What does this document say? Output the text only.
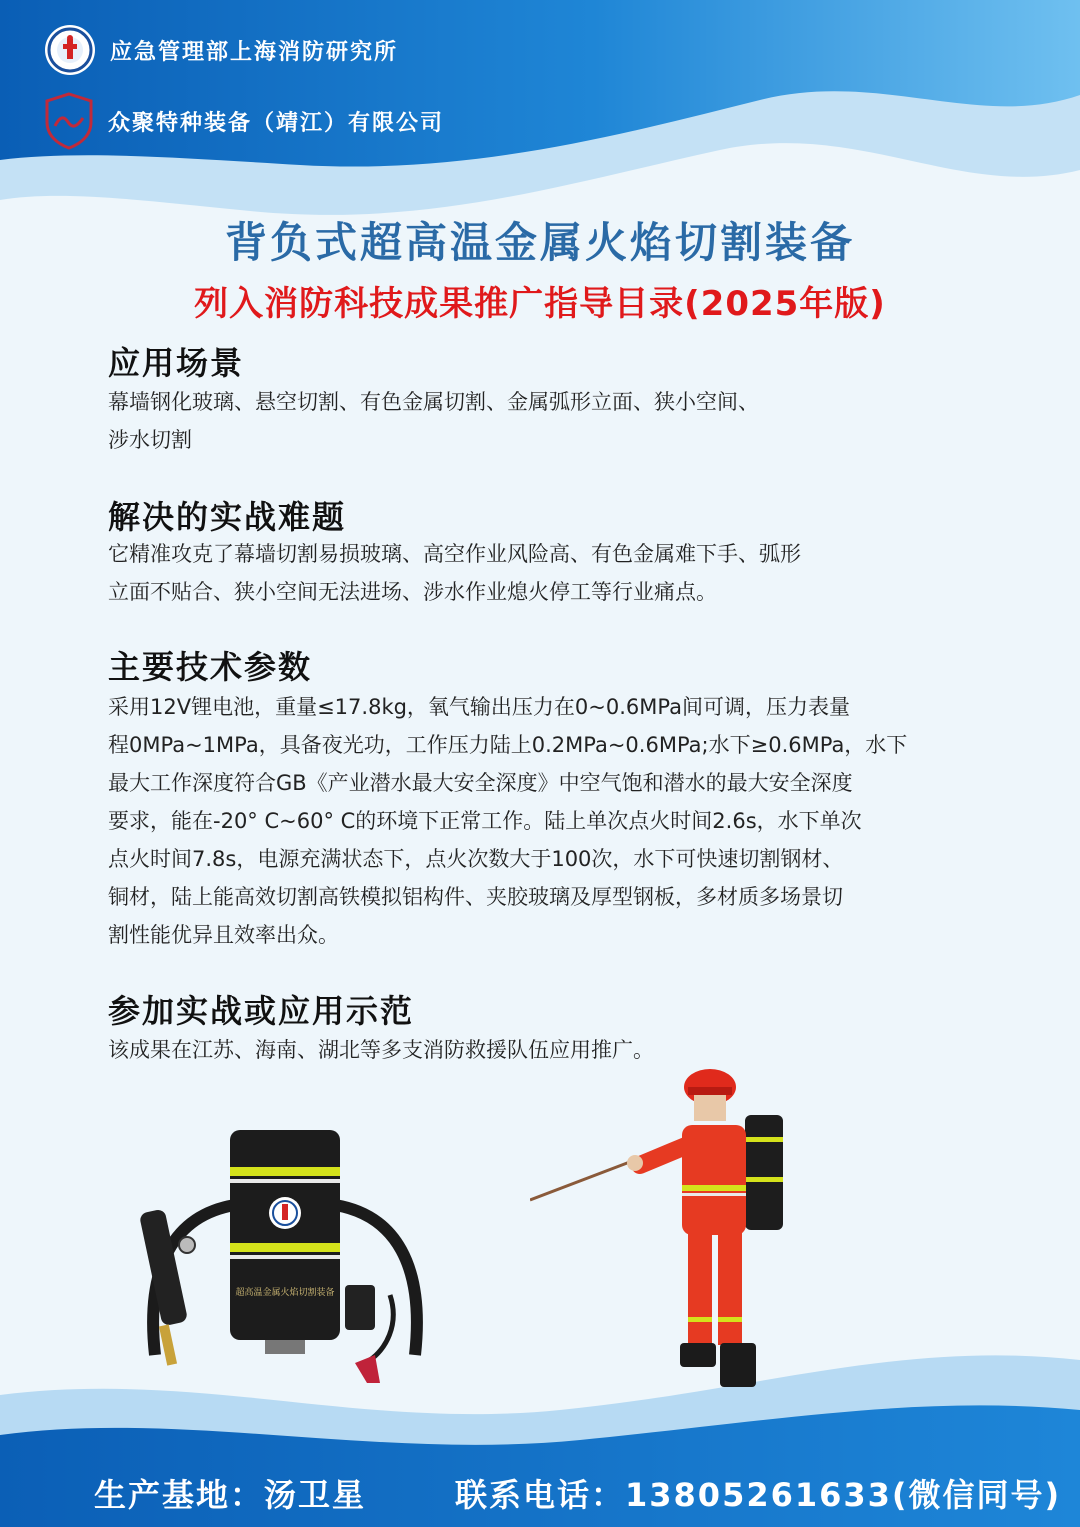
应急管理部上海消防研究所
众聚特种装备（靖江）有限公司
背负式超高温金属火焰切割装备
列入消防科技成果推广指导目录(2025年版)
应用场景
幕墙钢化玻璃、悬空切割、有色金属切割、金属弧形立面、狭小空间、
涉水切割
解决的实战难题
它精准攻克了幕墙切割易损玻璃、高空作业风险高、有色金属难下手、弧形
立面不贴合、狭小空间无法进场、涉水作业熄火停工等行业痛点。
主要技术参数
采用12V锂电池，重量≤17.8kg，氧气输出压力在0~0.6MPa间可调，压力表量
程0MPa~1MPa，具备夜光功，工作压力陆上0.2MPa~0.6MPa;水下≥0.6MPa，水下
最大工作深度符合GB《产业潜水最大安全深度》中空气饱和潜水的最大安全深度
要求，能在-20° C~60° C的环境下正常工作。陆上单次点火时间2.6s，水下单次
点火时间7.8s，电源充满状态下，点火次数大于100次，水下可快速切割钢材、
铜材，陆上能高效切割高铁模拟铝构件、夹胶玻璃及厚型钢板，多材质多场景切
割性能优异且效率出众。
参加实战或应用示范
该成果在江苏、海南、湖北等多支消防救援队伍应用推广。
超高温金属火焰切割装备
生产基地：汤卫星	联系电话：13805261633(微信同号)
